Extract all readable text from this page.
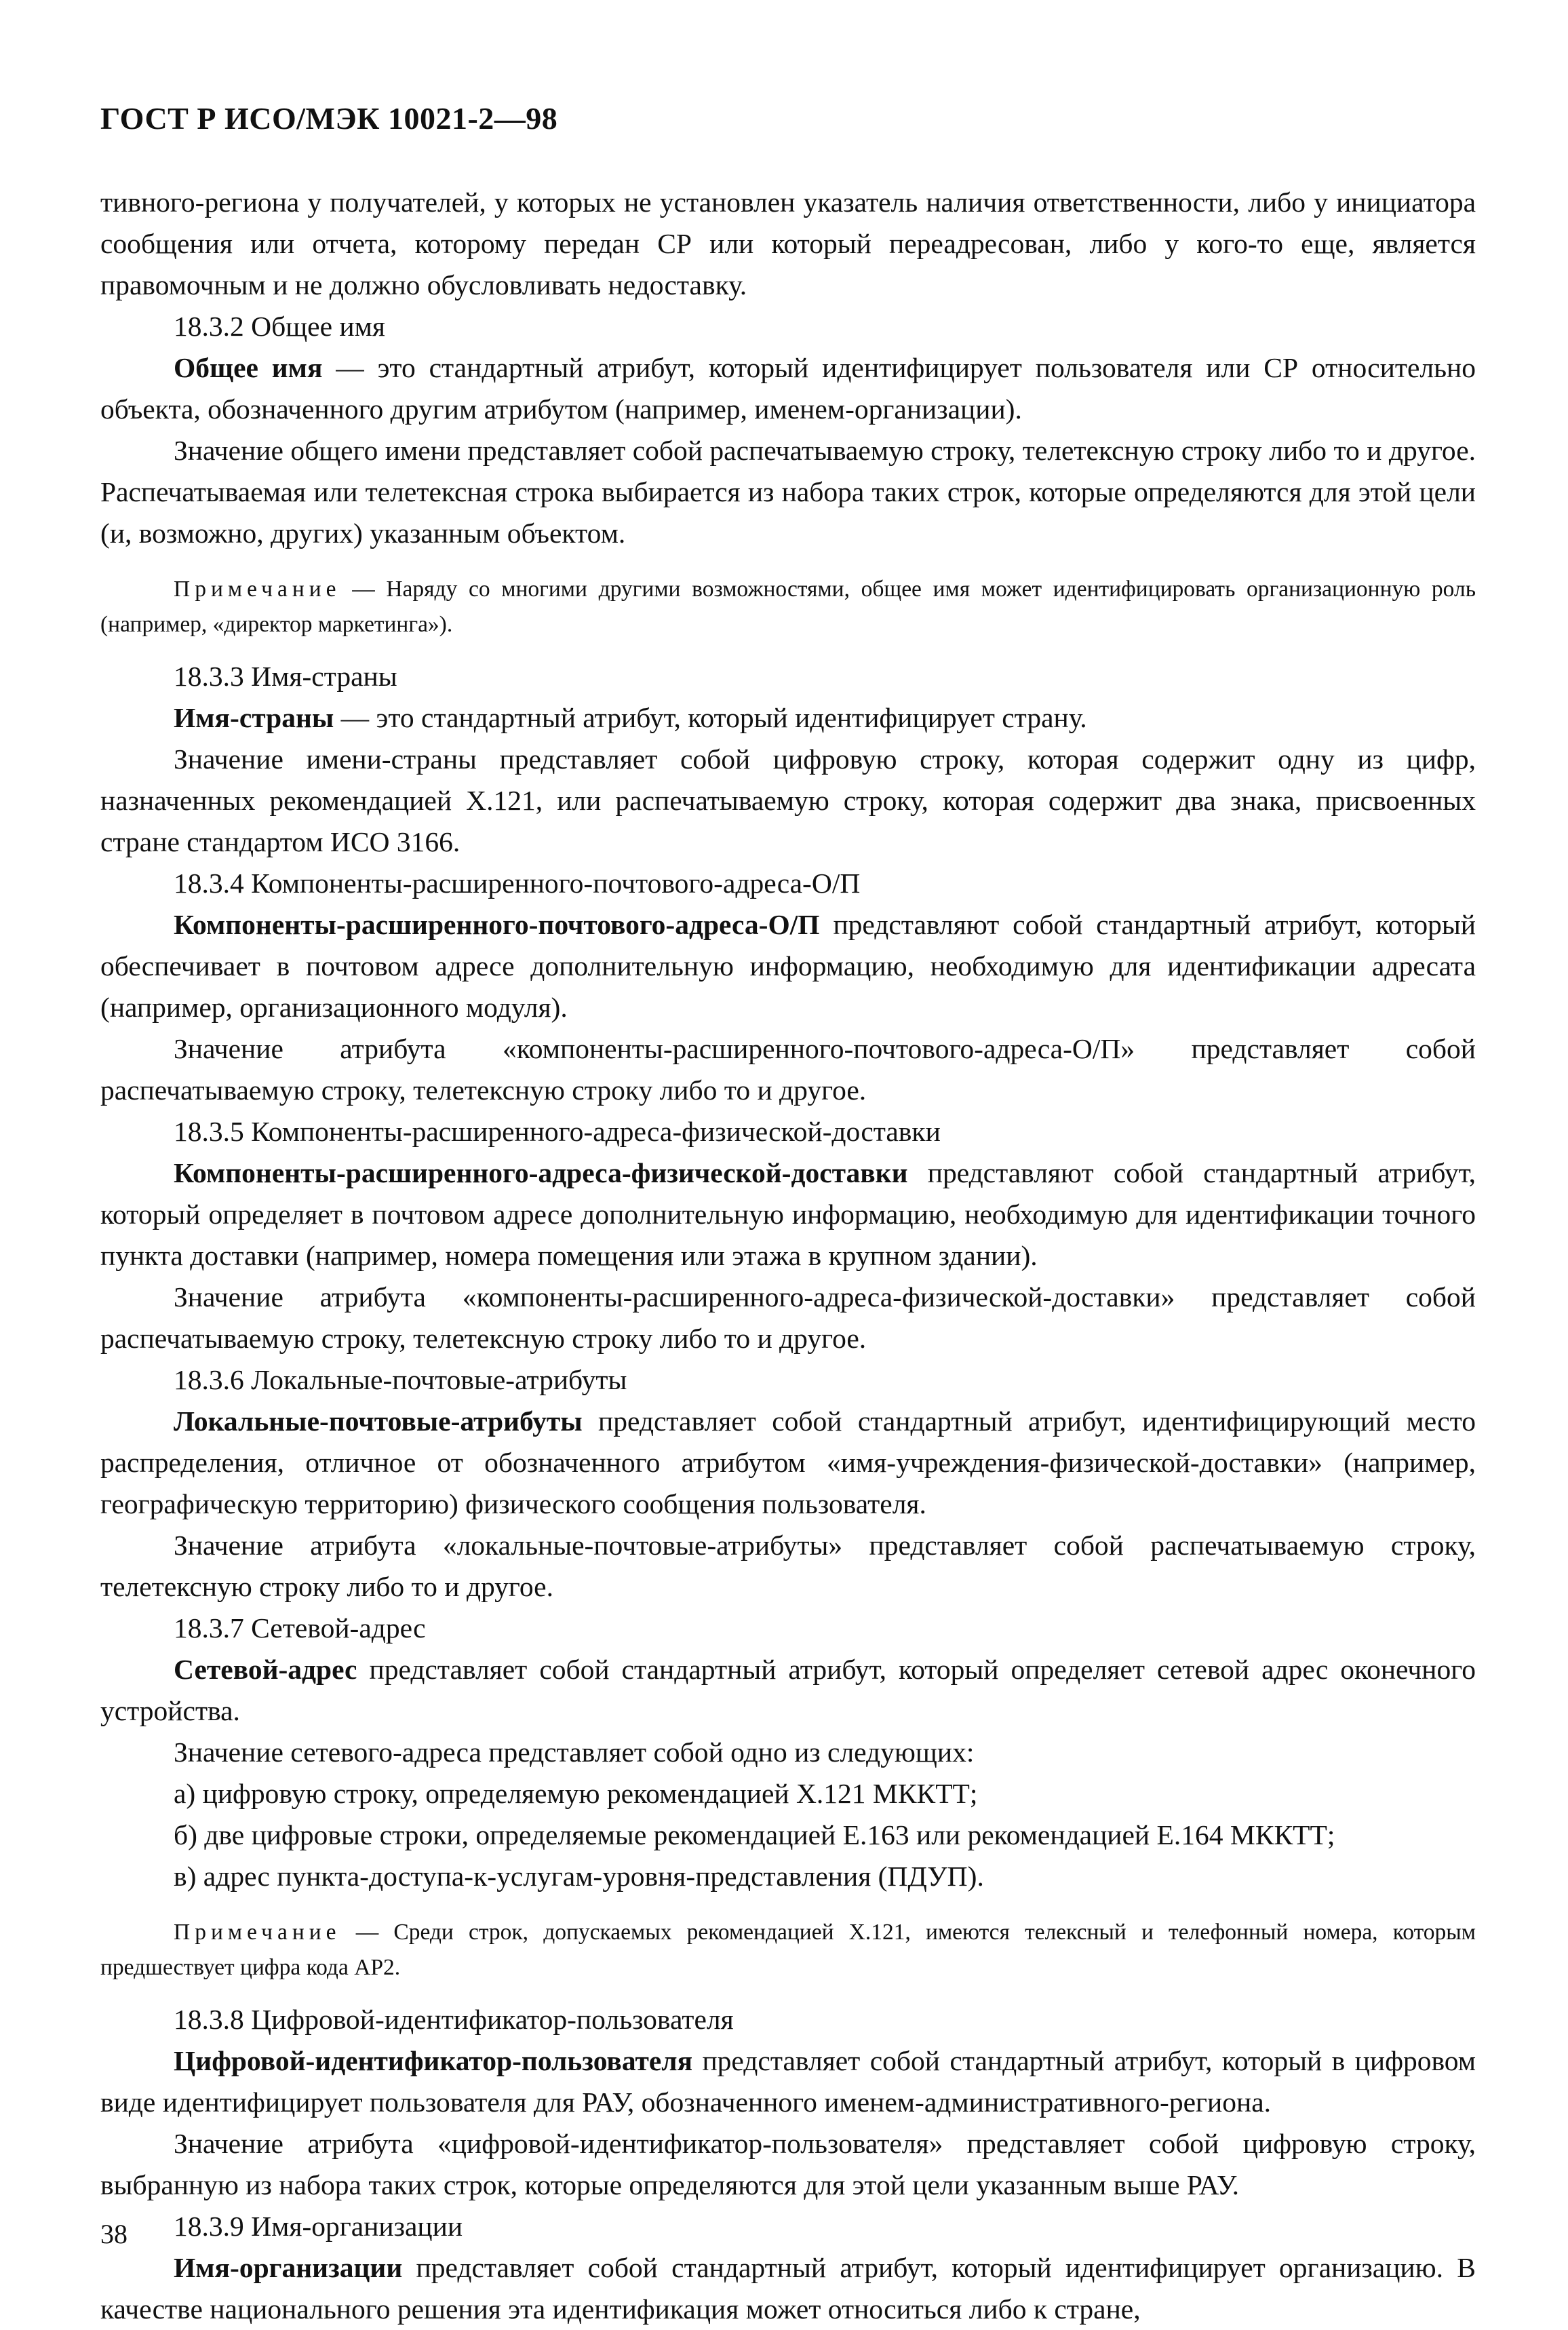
ГОСТ Р ИСО/МЭК 10021-2—98

тивного-региона у получателей, у которых не установлен указатель наличия ответственности, либо у инициатора сообщения или отчета, которому передан СР или который переадресован, либо у кого-то еще, является правомочным и не должно обусловливать недоставку.

18.3.2 Общее имя

Общее имя — это стандартный атрибут, который идентифицирует пользователя или СР относительно объекта, обозначенного другим атрибутом (например, именем-организации).

Значение общего имени представляет собой распечатываемую строку, телетексную строку либо то и другое. Распечатываемая или телетексная строка выбирается из набора таких строк, которые определяются для этой цели (и, возможно, других) указанным объектом.

Примечание — Наряду со многими другими возможностями, общее имя может идентифицировать организационную роль (например, «директор маркетинга»).

18.3.3 Имя-страны

Имя-страны — это стандартный атрибут, который идентифицирует страну.

Значение имени-страны представляет собой цифровую строку, которая содержит одну из цифр, назначенных рекомендацией X.121, или распечатываемую строку, которая содержит два знака, присвоенных стране стандартом ИСО 3166.

18.3.4 Компоненты-расширенного-почтового-адреса-О/П

Компоненты-расширенного-почтового-адреса-О/П представляют собой стандартный атрибут, который обеспечивает в почтовом адресе дополнительную информацию, необходимую для идентификации адресата (например, организационного модуля).

Значение атрибута «компоненты-расширенного-почтового-адреса-О/П» представляет собой распечатываемую строку, телетексную строку либо то и другое.

18.3.5 Компоненты-расширенного-адреса-физической-доставки

Компоненты-расширенного-адреса-физической-доставки представляют собой стандартный атрибут, который определяет в почтовом адресе дополнительную информацию, необходимую для идентификации точного пункта доставки (например, номера помещения или этажа в крупном здании).

Значение атрибута «компоненты-расширенного-адреса-физической-доставки» представляет собой распечатываемую строку, телетексную строку либо то и другое.

18.3.6 Локальные-почтовые-атрибуты

Локальные-почтовые-атрибуты представляет собой стандартный атрибут, идентифицирующий место распределения, отличное от обозначенного атрибутом «имя-учреждения-физической-доставки» (например, географическую территорию) физического сообщения пользователя.

Значение атрибута «локальные-почтовые-атрибуты» представляет собой распечатываемую строку, телетексную строку либо то и другое.

18.3.7 Сетевой-адрес

Сетевой-адрес представляет собой стандартный атрибут, который определяет сетевой адрес оконечного устройства.

Значение сетевого-адреса представляет собой одно из следующих:

а) цифровую строку, определяемую рекомендацией X.121 МККТТ;

б) две цифровые строки, определяемые рекомендацией E.163 или рекомендацией E.164 МККТТ;

в) адрес пункта-доступа-к-услугам-уровня-представления (ПДУП).

Примечание — Среди строк, допускаемых рекомендацией X.121, имеются телексный и телефонный номера, которым предшествует цифра кода АР2.

18.3.8 Цифровой-идентификатор-пользователя

Цифровой-идентификатор-пользователя представляет собой стандартный атрибут, который в цифровом виде идентифицирует пользователя для РАУ, обозначенного именем-административного-региона.

Значение атрибута «цифровой-идентификатор-пользователя» представляет собой цифровую строку, выбранную из набора таких строк, которые определяются для этой цели указанным выше РАУ.

18.3.9 Имя-организации

Имя-организации представляет собой стандартный атрибут, который идентифицирует организацию. В качестве национального решения эта идентификация может относиться либо к стране,

38
